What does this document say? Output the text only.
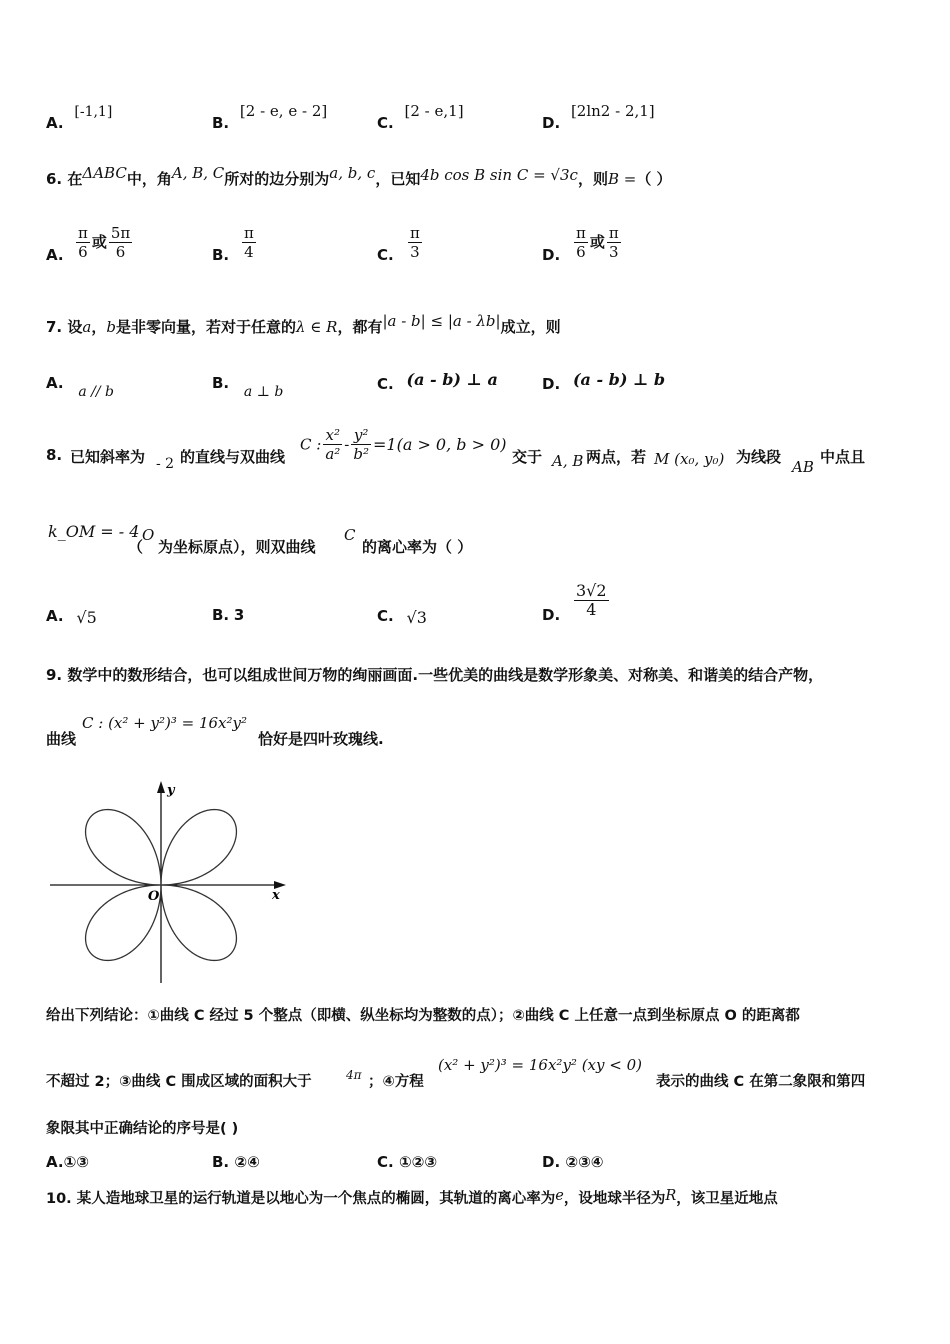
A. [-1,1]
B. [2 - e, e - 2]
C. [2 - e,1]
D. [2ln2 - 2,1]
6. 在ΔABC中，角A, B, C所对的边分别为a, b, c，已知4b cos B sin C = √3c，则B =（ ）
A. $\frac{\pi}{6}$ 或 $\frac{5\pi}{6}$	B. $\frac{\pi}{4}$	C. $\frac{\pi}{3}$	D. $\frac{\pi}{6}$ 或 $\frac{\pi}{3}$
7. 设a，b是非零向量，若对于任意的λ ∈ R，都有|a - b| ≤ |a - λb|成立，则
A. a // b	B. a ⊥ b	C. (a - b) ⊥ a	D. (a - b) ⊥ b
8. 已知斜率为 - 2 的直线与双曲线
C : $\frac{\text{x²}}{\text{a²}} - \frac{\text{y²}}{\text{b²}} =1(a > 0$, b > 0)
交于 A, B 两点，若 M (x₀, y₀) 为线段
AB
中点且
k_OM = - 4
（
O
为坐标原点），则双曲线
C
的离心率为（ ）
A. √5	B. 3	C. √3	D. $\frac{3√2}{4}$
9. 数学中的数形结合，也可以组成世间万物的绚丽画面.一些优美的曲线是数学形象美、对称美、和谐美的结合产物，
曲线
C : (x² + y²)³ = 16x²y²
恰好是四叶玫瑰线.
y
x
O
给出下列结论：①曲线 C 经过 5 个整点（即横、纵坐标均为整数的点）；②曲线 C 上任意一点到坐标原点 O 的距离都
不超过 2；③曲线 C 围成区域的面积大于	4π ；④方程
(x² + y²)³ = 16x²y² (xy < 0)
表示的曲线 C 在第二象限和第四
象限其中正确结论的序号是( )
A.①③	B. ②④	C. ①②③	D. ②③④
10. 某人造地球卫星的运行轨道是以地心为一个焦点的椭圆，其轨道的离心率为e，设地球半径为R，该卫星近地点
